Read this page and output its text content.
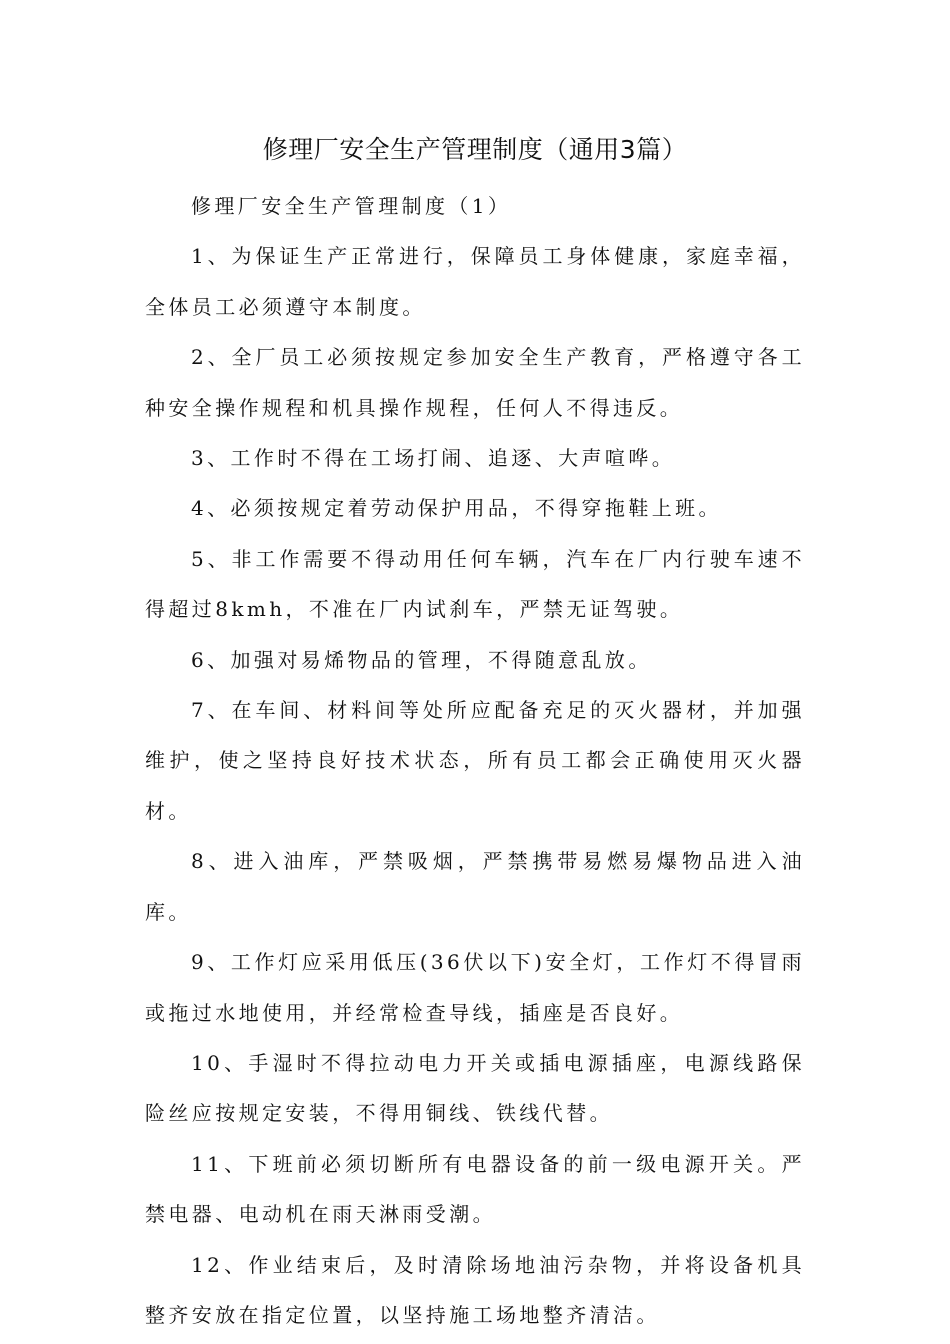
修理厂安全生产管理制度（通用3篇）

修理厂安全生产管理制度（1）

1、为保证生产正常进行，保障员工身体健康，家庭幸福，全体员工必须遵守本制度。

2、全厂员工必须按规定参加安全生产教育，严格遵守各工种安全操作规程和机具操作规程，任何人不得违反。

3、工作时不得在工场打闹、追逐、大声喧哗。

4、必须按规定着劳动保护用品，不得穿拖鞋上班。

5、非工作需要不得动用任何车辆，汽车在厂内行驶车速不得超过8kmh，不准在厂内试刹车，严禁无证驾驶。

6、加强对易烯物品的管理，不得随意乱放。

7、在车间、材料间等处所应配备充足的灭火器材，并加强维护，使之坚持良好技术状态，所有员工都会正确使用灭火器材。

8、进入油库，严禁吸烟，严禁携带易燃易爆物品进入油库。

9、工作灯应采用低压(36伏以下)安全灯，工作灯不得冒雨或拖过水地使用，并经常检查导线，插座是否良好。

10、手湿时不得拉动电力开关或插电源插座，电源线路保险丝应按规定安装，不得用铜线、铁线代替。

11、下班前必须切断所有电器设备的前一级电源开关。严禁电器、电动机在雨天淋雨受潮。

12、作业结束后，及时清除场地油污杂物，并将设备机具整齐安放在指定位置，以坚持施工场地整齐清洁。
